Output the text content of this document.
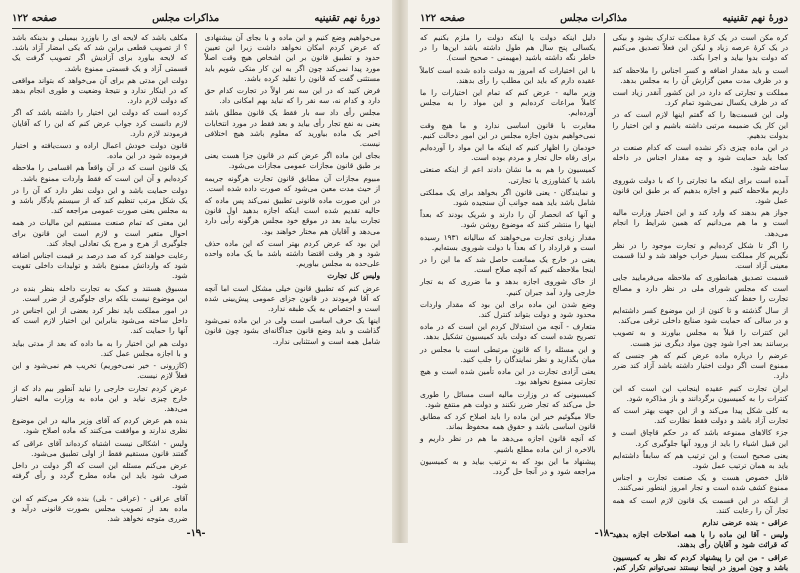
دورهٔ نهم تقنینیه
مذاکرات مجلس
صفحه ۱۲۲

می‌خواهیم وضع کنیم و این ماده و با بجای آن بیشنهادی که عرض کردم امکان نخواهد داشت زیرا این تعیین حدود و تطبیق قانون بر این اشخاص هیچ وقت اصلاً مورد پیدا نمی‌کند چون اگر به این کار متکی شویم باید مستثنی گفت که قانون را تقلید کرده باشد.

فرض کنید که در این سه نفر اولاً در تجارت کدام حق دارد و کدام نه، سه نفر را که نباید بهم امکانی داد.

مجلس رأی داد سه بار فقط یک قانون مطلق باشد یعنی به نفع تجار رأی بیاید و بعد فقط در مورد انتخابات اخیر یک ماده بیاورید که معلوم باشد هیچ اختلافی نیست.

بجای این ماده اگر عرض کنم در قانون جزا هست یعنی بر طبق قانون مجازات عمومی مجازات می‌شود.

مبیوم مجازات آن مطابق قانون تجارت هرگونه جریمه از حیث مدت معین می‌شود که صورت داده شده است.

در این صورت ماده قانونی تطبیق نمی‌کند پس ماده که حالیه تقدیم شده است اینکه اجازه بدهید اول قانون تجارت بیاید بعد در موقع خود مجلس هرگونه رأیی دارد می‌دهد و آقایان هم مختار خواهند بود.

این بود که عرض کردم بهتر است که این ماده حذف شود و هر وقت اقتضا داشته باشد ما یک ماده واحده علی‌حده به مجلس بیاوریم.

ولیس کل تجارت

عرض کنم که تطبیق قانون‌ خیلی مشکل است اما آنچه که آقا فرمودند در قانون جزای عمومی پیش‌بینی شده است و اختصاص به یک طبقه ندارد.

اینها یک حرف اساسی است ولی در این ماده نمی‌شود گذاشت و باید وضع قانون جداگانه‌ای بشود چون قانون شامل همه است و استثنایی ندارد.

مکلف باشد که لایحه ای را باوزرد بیمیلی و بدینکه باشد ؟ از تصویب قطعی براین شد که یکی امضار آزاد باشد. که لایحه بیاورد برای آزادیش اگر تصویب گرفت یک قسمتی آزاد و یک قسمتی ممنوع باشد.

دولت این مدتی هم برای آن می‌خواهد که بتواند مواقعی که در اینکار ندارد و نتیجهٔ وضعیت و طوری انجام بدهد که دولت لازم دارد.

کرده است که دولت این اختیار را داشته باشد که اگر لازم دانست کرد جواب عرض کنم که این را که آقایان فرمودند لازم دارد.

قانون دولت خودش اعمال اراده و دست‌یافته و اختیار فرموده شود در این ماده.

یک قانون است که در آن واقعاً هم اقسامی را ملاحظه کرده‌ایم و آن این است که فقط واردات ممنوع باشد.

دولت حمایت باشد و این دولت نظر دارد که آن را در یک شکل مرتب تنظیم کند که از سیستم یادگار باشد و به مجلس یعنی صورت عمومی مراجعه کند.

این معنی که تمام صنعت مستقیم این مالیات در همه احوال متغیر است و لازم است این قانون برای جلوگیری از هرج و مرج یک تعادلی ایجاد کند.

رعایت خواهند کرد که صد درصد بر قیمت اجناس اضافه شود که وارداتش ممنوع باشد و تولیدات داخلی تقویت شود.

مسبوق هستند و کمک به تجارت داخله بنظر بنده در این موضوع نیست بلکه برای جلوگیری از ضرر است.

در امور مملکت باید نظر کرد بعضی از این اجناس در داخل ساخته می‌شود بنابراین این اختیار لازم است که آنها را حمایت کند.

دولت هم این اختیار را به ما داده که بعد از مدتی بیاید و با اجازه مجلس عمل کند.

(کازرونی - خیر نمی‌خوریم) تخریب هم نمی‌شود و این فعلاً لازم نیست.

عرض کردم تجارت خارجی را نباید آنطور بیم داد که از خارج چیزی نیاید و این ماده به وزارت مالیه اختیار می‌دهد.

بنده هم عرض کردم که آقای وزیر مالیه در این موضوع نظری ندارند و موافقت می‌کنند که ماده اصلاح شود.

ولیس - اشکالی نیست اشتباه کرده‌اند آقای عراقی که گفتند قانون مستقیم فقط از اولی تطبیق می‌شود.

عرض می‌کنم مسئله این است که اگر دولت در داخل صرف شود باید این ماده مطرح گردد و رأی گرفته شود.

آقای عراقی - (عراقی - بلی) بنده فکر می‌کنم که این ماده بعد از تصویب مجلس بصورت قانونی درآید و ضرری متوجه نخواهد شد.

-۱۹-
دورهٔ نهم تقنینیه
مذاکرات مجلس
صفحه ۱۲۲

کره مکن است در یک کرهٔ مملکت تدارک بشود و بیکی در یک کرهٔ عرصه زیاد و لیکن این فعلاً تصدیق می‌کنیم که دولت بدوا بیاید و اجرا بکند.

است و باید مقدار اضافه و کسر اجناس را ملاحظه کند و در ظرف مدت معین گزارش آن را به مجلس بدهد.

مملکت و تجارتی که دارد در این کشور آنقدر زیاد است که در ظرف یکسال نمی‌شود تمام کرد.

ولی این قسمت‌ها را که گفتم اینها لازم است که در این کار یک ضمیمه مرتبی داشته باشیم و این اختیار را بدولت بدهیم.

در این ماده چیزی ذکر نشده است که کدام صنعت در کجا باید حمایت شود و چه مقدار اجناس در داخله ساخته شود.

آمده است برای اینکه ما تجارتی را که با دولت شوروی داریم ملاحظه کنیم و اجازه بدهیم که بر طبق این قانون عمل شود.

جواز هم بدهند که وارد کند و این اختیار وزارت مالیه است و ما هم می‌دانیم که همین شرایط را انجام می‌دهد.

را اگر تا شکل کرده‌ایم و تجارت موجود را در نظر نگیریم کار مملکت بسیار خراب خواهد شد و لذا قسمت معینی آزاد است.

قسمت تصدیق همانطوری که ملاحظه می‌فرمایید جایی است که مجلس شورای ملی در نظر دارد و مصالح تجارت را حفظ کند.

از سال گذشته و تا کنون از این موضوع کسر داشته‌ایم و در سالی که حمایت شود صنایع داخلی ترقی می‌کند.

این کنترات را قبلاً به مجلس بیاورند و به تصویب برسانند بعد اجرا شود چون مواد دیگری نیز هست.

عرضم را درباره ماده عرض کنم که هر جنسی که ممنوع است اگر دولت اختیار داشته باشد آزاد کند ضرر دارد.

ایران تجارت کنیم عقیده اینجانب این است که این کنترات را به کمیسیون برگردانند و باز مذاکره شود.

به کلی شکل پیدا می‌کند و از این جهت بهتر است که تجارت آزاد باشد و دولت فقط نظارت کند.

جزء کالاهای ممنوعه باشد که در حکم قاچاق است و این قبیل اشیاء را باید از ورود آنها جلوگیری کرد.

یعنی صحیح است) و این ترتیب هم که سابقاً داشته‌ایم باید به همان ترتیب عمل شود.

قابل خصوص هست و یک صنعت تجارت و اجناس ممنوع کشف شده است و تجار امروز اینطور نمی‌کنند.

از اینکه در این قسمت یک قانون لازم است که همه تجار آن را رعایت کنند.

عراقی - بنده عرضی ندارم

ولیس - آقا این ماده را با همه اصلاحات اجازه بدهید که قرائت شود و آقایان رأی بدهند.

عراقی - من این را پیشنهاد کردم که نظر به کمیسیون باشد و چون امروز در اینجا نیستند نمی‌توانم تکرار کنم.

دلیل اینکه دولت یا اینکه دولت را ملزم بکنیم که یکسالی پنج سال هم طول داشته باشد این‌ها را در خاطر نگه داشته باشید (مهیمنی - صحیح است).

با این اختیارات که امروز به دولت داده شده است کاملاً عقیده دارم که باید این مطلب را رأی بدهند.

وزیر مالیه - عرض کنم که تمام این اختیارات را ما کاملاً مراعات کرده‌ایم و این مواد را به مجلس آورده‌ایم.

مغایرت با قانون اساسی ندارد و ما هیچ وقت نمی‌خواهیم بدون اجازه مجلس در این امور دخالت کنیم.

خودمان را اظهار کنیم که اینکه ما این مواد را آورده‌ایم برای رفاه حال تجار و مردم بوده است.

کمیسیون را هم به ما نشان دادند اعم از اینکه صنعتی باشد یا کشاورزی یا تجارتی.

و نمایندگان - یعنی قانون اگر بخواهد برای یک مملکتی شامل باشد باید همه جوانب آن سنجیده شود.

و آنها که انحصار آن را دارند و شریک بودند که بعداً اینها را منتشر کنند که موضوع روشن شود.

مقدار زیادی تجارت می‌خواهند که سالیانه ۱۹۳۱ رسیده است و قرارداد را که بعداً با دولت شوروی بسته‌ایم.

یعنی در خارج یک ممانعت حاصل شد که ما این را در اینجا ملاحظه کنیم که آنچه صلاح است.

از خاک شوروی اجازه بدهد و ما ضرری که به تجار خارجی وارد آمد جبران کنیم.

وضع شدن این ماده برای این بود که مقدار واردات محدود شود و دولت بتواند کنترل کند.

متعارف - آنچه من استدلال کردم این است که در ماده تصریح شده است که دولت باید کمیسیون تشکیل بدهد.

و این مسئله را که قانون مرتبطی است با مجلس در میان بگذارید و نظر نمایندگان را جلب کنید.

یعنی آزادی تجارت در این ماده تأمین شده است و هیچ تجارتی ممنوع نخواهد بود.

کمیسیونی که در وزارت مالیه است مسائل را طوری حل می‌کند که تجار ضرر نکنند و دولت هم منتفع شود.

حالا میگوئیم خیر این ماده را باید اصلاح کرد که مطابق قانون اساسی باشد و حقوق همه محفوظ بماند.

که آنچه قانون اجازه می‌دهد ما هم در نظر داریم و بالاخره از این ماده مطلع باشیم.

پیشنهاد ما این بود که به ترتیب بیاید و به کمیسیون مراجعه شود و در آنجا حل گردد.

-۱۸-
